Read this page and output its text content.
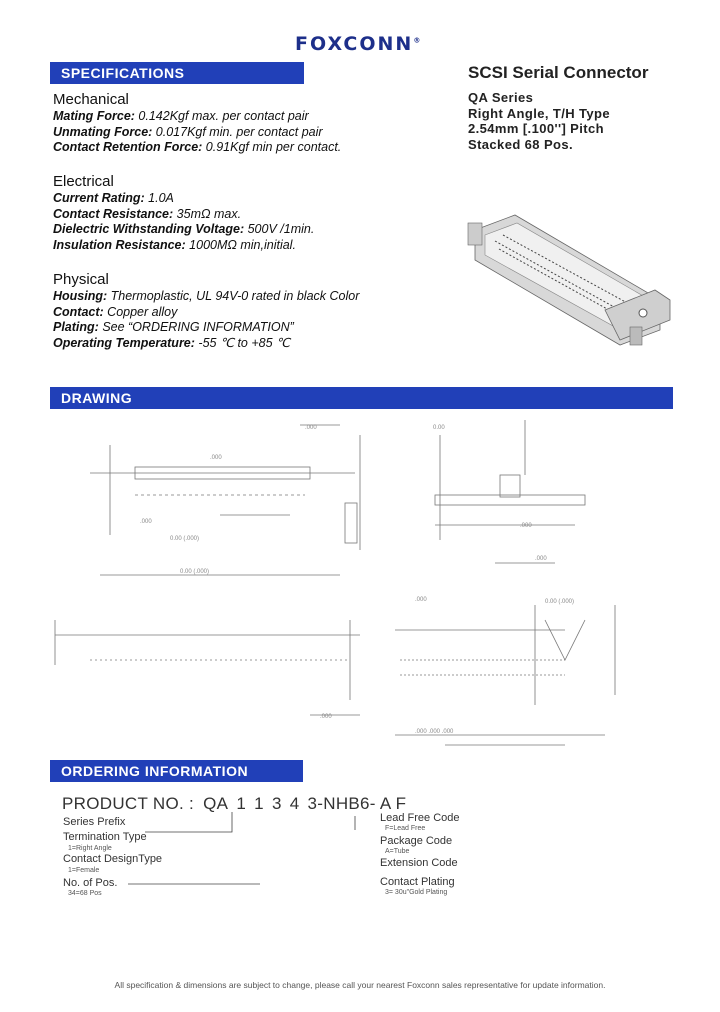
FOXCONN®
SPECIFICATIONS	SCSI Serial Connector
QA Series
Right Angle, T/H Type
2.54mm [.100''] Pitch
Stacked 68 Pos.
Mechanical
Mating Force: 0.142Kgf max. per contact pair
Unmating Force: 0.017Kgf min. per contact pair
Contact Retention Force: 0.91Kgf min per contact.
Electrical
Current Rating: 1.0A
Contact Resistance: 35mΩ max.
Dielectric Withstanding Voltage: 500V /1min.
Insulation Resistance: 1000MΩ min,initial.
Physical
Housing: Thermoplastic, UL 94V-0 rated in black Color
Contact: Copper alloy
Plating: See “ORDERING INFORMATION”
Operating Temperature: -55 ℃ to +85 ℃
DRAWING
.000
.000
.000
0.00 (.000)
0.00 (.000)
0.00
.000
.000
.000
.000	0.00 (.000)
.000 .000 .000
ORDERING INFORMATION
PRODUCT NO. : QA 1 1 3 4 3-NHB6- A F
Series Prefix
Termination Type
1=Right Angle
Contact DesignType
1=Female
No. of Pos.
34=68 Pos
Lead Free Code
F=Lead Free
Package Code
A=Tube
Extension Code
Contact Plating
3= 30u"Gold Plating
All specification & dimensions are subject to change, please call your nearest Foxconn sales representative for update information.
